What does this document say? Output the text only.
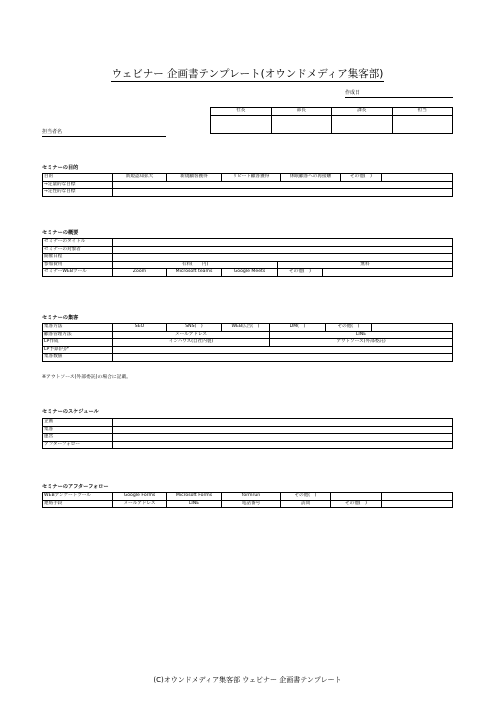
ウェビナー 企画書テンプレート(オウンドメディア集客部)
作成日
社長	部長	課長	担当

担当者名
セミナーの目的
目的	新規認知拡大	新規顧客獲得	リピート顧客獲得	休眠顧客への再接触	その他(　)	
→定量的な目標						
→定性的な目標						
セミナーの概要
セミナーのタイトル					
セミナーの対象者					
開催日程					
参加費用	有料(　　円)			無料	
セミナーWEBツール	Zoom	Microsoft teams	Google Meets	その他(　)	
セミナーの集客
集客方法	SEO	SNS(　)	WEB広告(　)	DM(　)	その他(　)	
顧客管理方法	メールアドレス			LINE		
LP作成	インハウス(自社内製)			アウトソース(外部委託)		
LP予算(円)*						
集客数値						
※アウトソース(外部委託)の場合に記載。
セミナーのスケジュール
企画	
集客	
運営	
アフターフォロー	
セミナーのアフターフォロー
WEBアンケートツール	Google Forms	Microsoft Forms	formrun	その他(　)		
連絡手段	メールアドレス	LINE	電話番号	訪問	その他(　)	
(C)オウンドメディア集客部 ウェビナー 企画書テンプレート
